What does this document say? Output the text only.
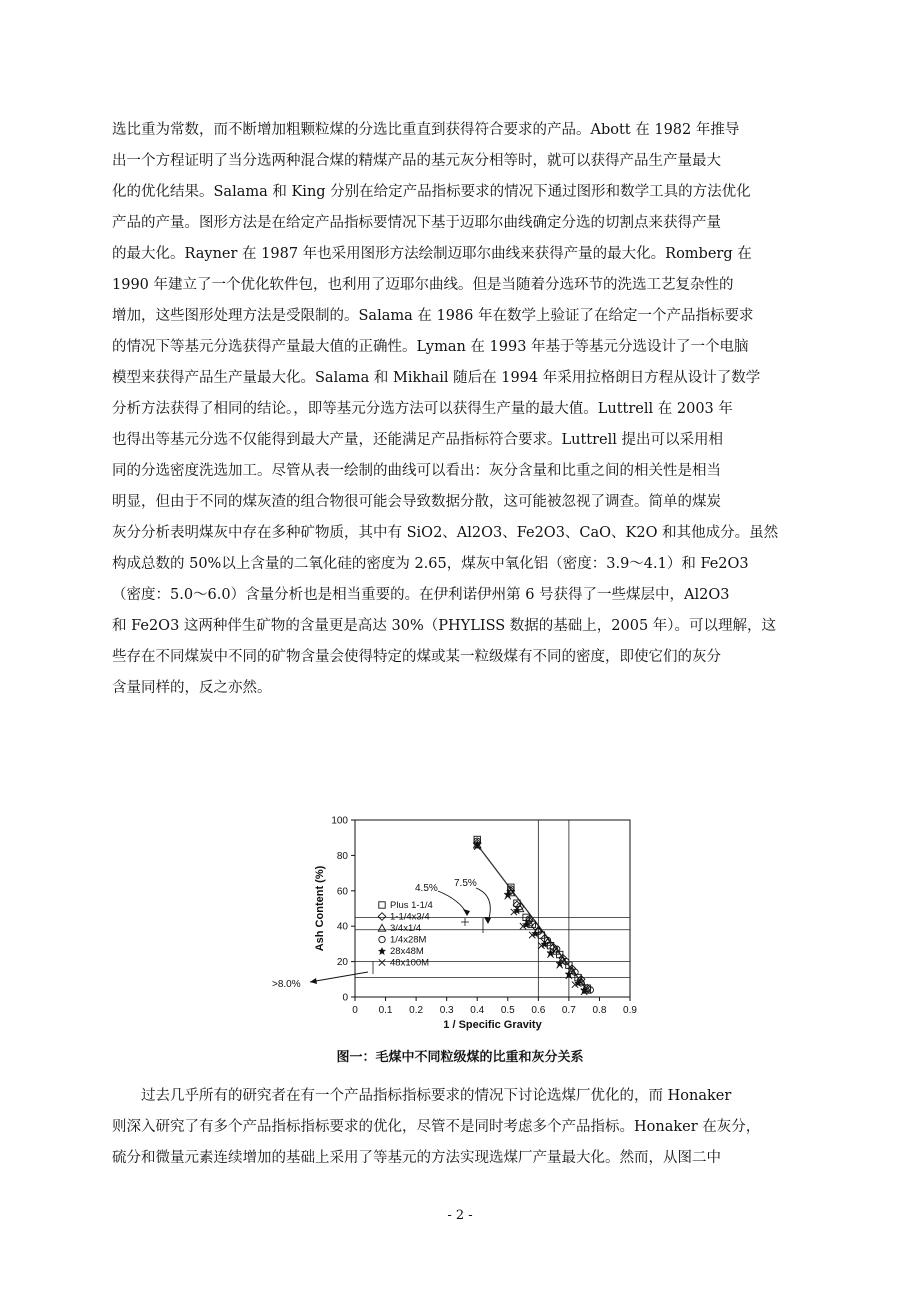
选比重为常数，而不断增加粗颗粒煤的分选比重直到获得符合要求的产品。Abott 在 1982 年推导
出一个方程证明了当分选两种混合煤的精煤产品的基元灰分相等时，就可以获得产品生产量最大
化的优化结果。Salama 和 King 分别在给定产品指标要求的情况下通过图形和数学工具的方法优化
产品的产量。图形方法是在给定产品指标要情况下基于迈耶尔曲线确定分选的切割点来获得产量
的最大化。Rayner 在 1987 年也采用图形方法绘制迈耶尔曲线来获得产量的最大化。Romberg 在
1990 年建立了一个优化软件包，也利用了迈耶尔曲线。但是当随着分选环节的洗选工艺复杂性的
增加，这些图形处理方法是受限制的。Salama 在 1986 年在数学上验证了在给定一个产品指标要求
的情况下等基元分选获得产量最大值的正确性。Lyman 在 1993 年基于等基元分选设计了一个电脑
模型来获得产品生产量最大化。Salama 和 Mikhail 随后在 1994 年采用拉格朗日方程从设计了数学
分析方法获得了相同的结论。，即等基元分选方法可以获得生产量的最大值。Luttrell 在 2003 年
也得出等基元分选不仅能得到最大产量，还能满足产品指标符合要求。Luttrell 提出可以采用相
同的分选密度洗选加工。尽管从表一绘制的曲线可以看出：灰分含量和比重之间的相关性是相当
明显，但由于不同的煤灰渣的组合物很可能会导致数据分散，这可能被忽视了调查。简单的煤炭
灰分分析表明煤灰中存在多种矿物质，其中有 SiO2、Al2O3、Fe2O3、CaO、K2O 和其他成分。虽然
构成总数的 50%以上含量的二氧化硅的密度为 2.65，煤灰中氧化铝（密度：3.9～4.1）和 Fe2O3
（密度：5.0～6.0）含量分析也是相当重要的。在伊利诺伊州第 6 号获得了一些煤层中，Al2O3
和 Fe2O3 这两种伴生矿物的含量更是高达 30%（PHYLISS 数据的基础上，2005 年）。可以理解，这
些存在不同煤炭中不同的矿物含量会使得特定的煤或某一粒级煤有不同的密度，即使它们的灰分
含量同样的，反之亦然。
0 0.1 0.2 0.3 0.4 0.5 0.6 0.7 0.8 0.9
0
20
40
60
80
100
1 / Specific Gravity
Ash Content (%)	Plus 1-1/4
1-1/4x3/4
3/4x1/4
1/4x28M
28x48M
48x100M
4.5% 7.5%
>8.0%
图一：毛煤中不同粒级煤的比重和灰分关系
　　过去几乎所有的研究者在有一个产品指标指标要求的情况下讨论选煤厂优化的，而 Honaker
则深入研究了有多个产品指标指标要求的优化，尽管不是同时考虑多个产品指标。Honaker 在灰分，
硫分和微量元素连续增加的基础上采用了等基元的方法实现选煤厂产量最大化。然而，从图二中
- 2 -
